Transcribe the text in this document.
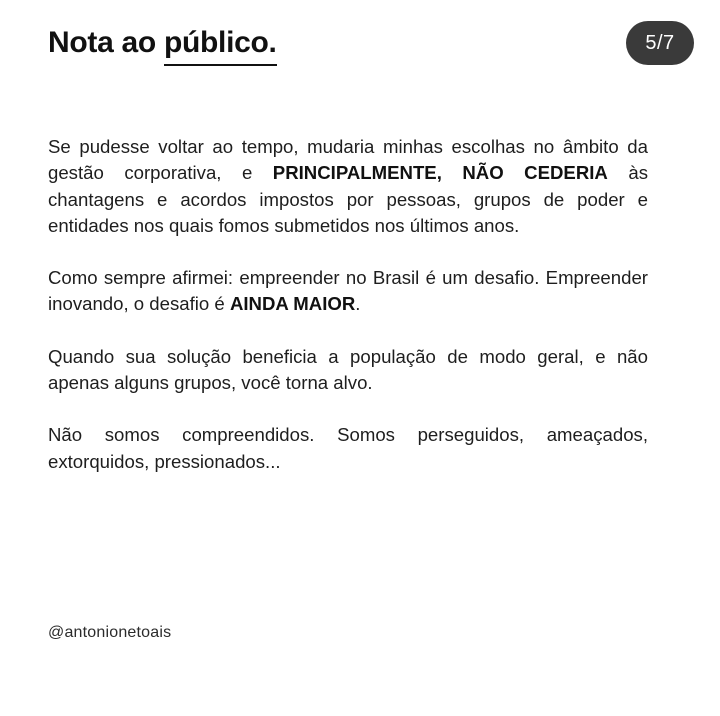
Nota ao público.	5/7

Se pudesse voltar ao tempo, mudaria minhas escolhas no âmbito da gestão corporativa, e PRINCIPALMENTE, NÃO CEDERIA às chantagens e acordos impostos por pessoas, grupos de poder e entidades nos quais fomos submetidos nos últimos anos.

Como sempre afirmei: empreender no Brasil é um desafio. Empreender inovando, o desafio é AINDA MAIOR.

Quando sua solução beneficia a população de modo geral, e não apenas alguns grupos, você torna alvo.

Não somos compreendidos. Somos perseguidos, ameaçados, extorquidos, pressionados...

@antonionetoais
